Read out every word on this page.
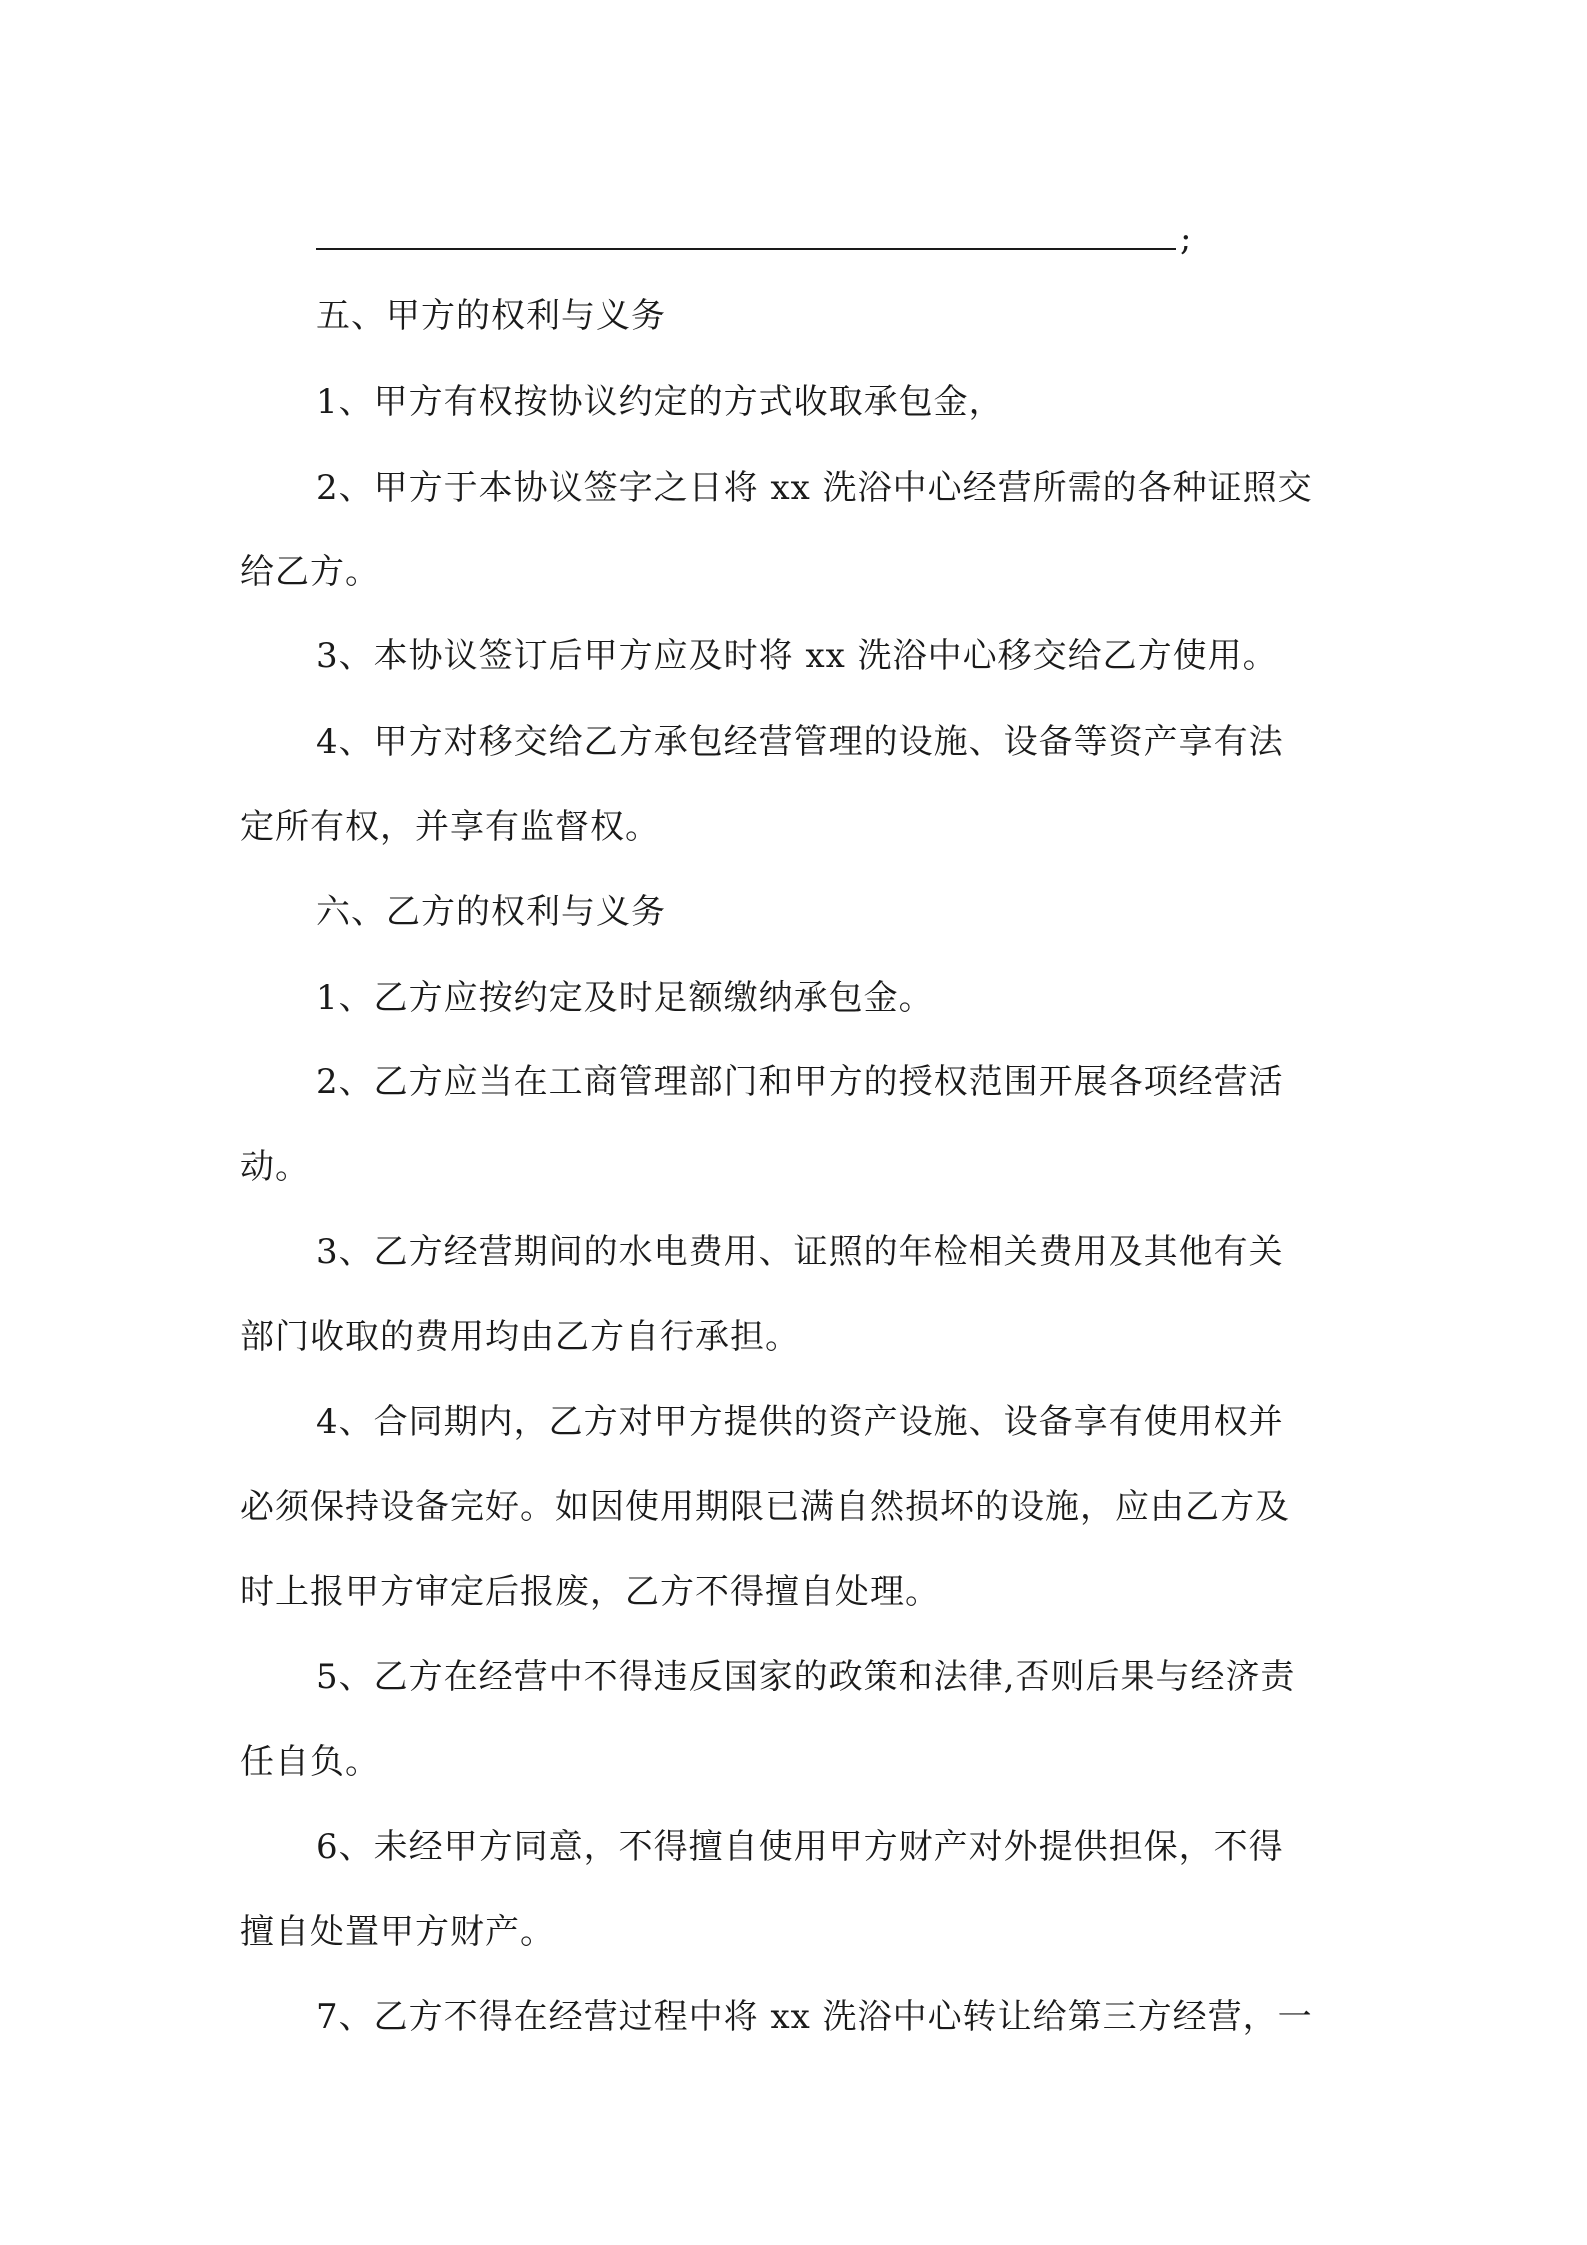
;
五、甲方的权利与义务
1、甲方有权按协议约定的方式收取承包金，
2、甲方于本协议签字之日将 xx 洗浴中心经营所需的各种证照交
给乙方。
3、本协议签订后甲方应及时将 xx 洗浴中心移交给乙方使用。
4、甲方对移交给乙方承包经营管理的设施、设备等资产享有法
定所有权，并享有监督权。
六、乙方的权利与义务
1、乙方应按约定及时足额缴纳承包金。
2、乙方应当在工商管理部门和甲方的授权范围开展各项经营活
动。
3、乙方经营期间的水电费用、证照的年检相关费用及其他有关
部门收取的费用均由乙方自行承担。
4、合同期内，乙方对甲方提供的资产设施、设备享有使用权并
必须保持设备完好。如因使用期限已满自然损坏的设施，应由乙方及
时上报甲方审定后报废，乙方不得擅自处理。
5、乙方在经营中不得违反国家的政策和法律,否则后果与经济责
任自负。
6、未经甲方同意，不得擅自使用甲方财产对外提供担保，不得
擅自处置甲方财产。
7、乙方不得在经营过程中将 xx 洗浴中心转让给第三方经营，一
